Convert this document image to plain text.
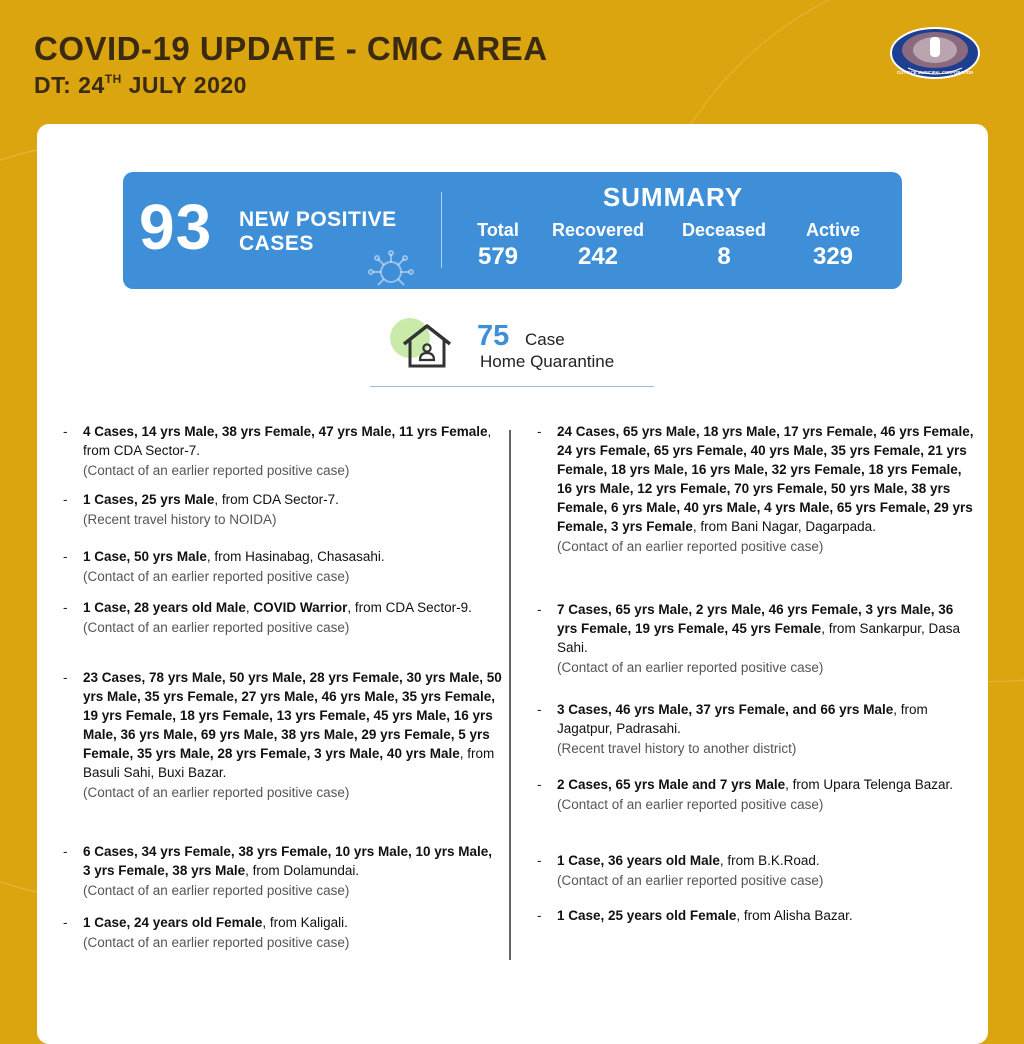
COVID-19 UPDATE - CMC AREA
DT: 24TH JULY 2020	CUTTACK MUNICIPAL CORPORATION
93 NEW POSITIVE CASES
SUMMARY
Total
579
Recovered
242
Deceased
8
Active
329
75 Case
Home Quarantine
- 4 Cases, 14 yrs Male, 38 yrs Female, 47 yrs Male, 11 yrs Female, from CDA Sector-7.
(Contact of an earlier reported positive case)
- 1 Cases, 25 yrs Male, from CDA Sector-7.
(Recent travel history to NOIDA)
- 1 Case, 50 yrs Male, from Hasinabag, Chasasahi.
(Contact of an earlier reported positive case)
- 1 Case, 28 years old Male, COVID Warrior, from CDA Sector-9.
(Contact of an earlier reported positive case)
- 23 Cases, 78 yrs Male, 50 yrs Male, 28 yrs Female, 30 yrs Male, 50 yrs Male, 35 yrs Female, 27 yrs Male, 46 yrs Male, 35 yrs Female, 19 yrs Female, 18 yrs Female, 13 yrs Female, 45 yrs Male, 16 yrs Male, 36 yrs Male, 69 yrs Male, 38 yrs Male, 29 yrs Female, 5 yrs Female, 35 yrs Male, 28 yrs Female, 3 yrs Male, 40 yrs Male, from Basuli Sahi, Buxi Bazar.
(Contact of an earlier reported positive case)
- 6 Cases, 34 yrs Female, 38 yrs Female, 10 yrs Male, 10 yrs Male, 3 yrs Female, 38 yrs Male, from Dolamundai.
(Contact of an earlier reported positive case)
- 1 Case, 24 years old Female, from Kaligali.
(Contact of an earlier reported positive case)
- 24 Cases, 65 yrs Male, 18 yrs Male, 17 yrs Female, 46 yrs Female, 24 yrs Female, 65 yrs Female, 40 yrs Male, 35 yrs Female, 21 yrs Female, 18 yrs Male, 16 yrs Male, 32 yrs Female, 18 yrs Female, 16 yrs Male, 12 yrs Female, 70 yrs Female, 50 yrs Male, 38 yrs Female, 6 yrs Male, 40 yrs Male, 4 yrs Male, 65 yrs Female, 29 yrs Female, 3 yrs Female, from Bani Nagar, Dagarpada.
(Contact of an earlier reported positive case)
- 7 Cases, 65 yrs Male, 2 yrs Male, 46 yrs Female, 3 yrs Male, 36 yrs Female, 19 yrs Female, 45 yrs Female, from Sankarpur, Dasa Sahi.
(Contact of an earlier reported positive case)
- 3 Cases, 46 yrs Male, 37 yrs Female, and 66 yrs Male, from Jagatpur, Padrasahi.
(Recent travel history to another district)
- 2 Cases, 65 yrs Male and 7 yrs Male, from Upara Telenga Bazar.
(Contact of an earlier reported positive case)
- 1 Case, 36 years old Male, from B.K.Road.
(Contact of an earlier reported positive case)
- 1 Case, 25 years old Female, from Alisha Bazar.
